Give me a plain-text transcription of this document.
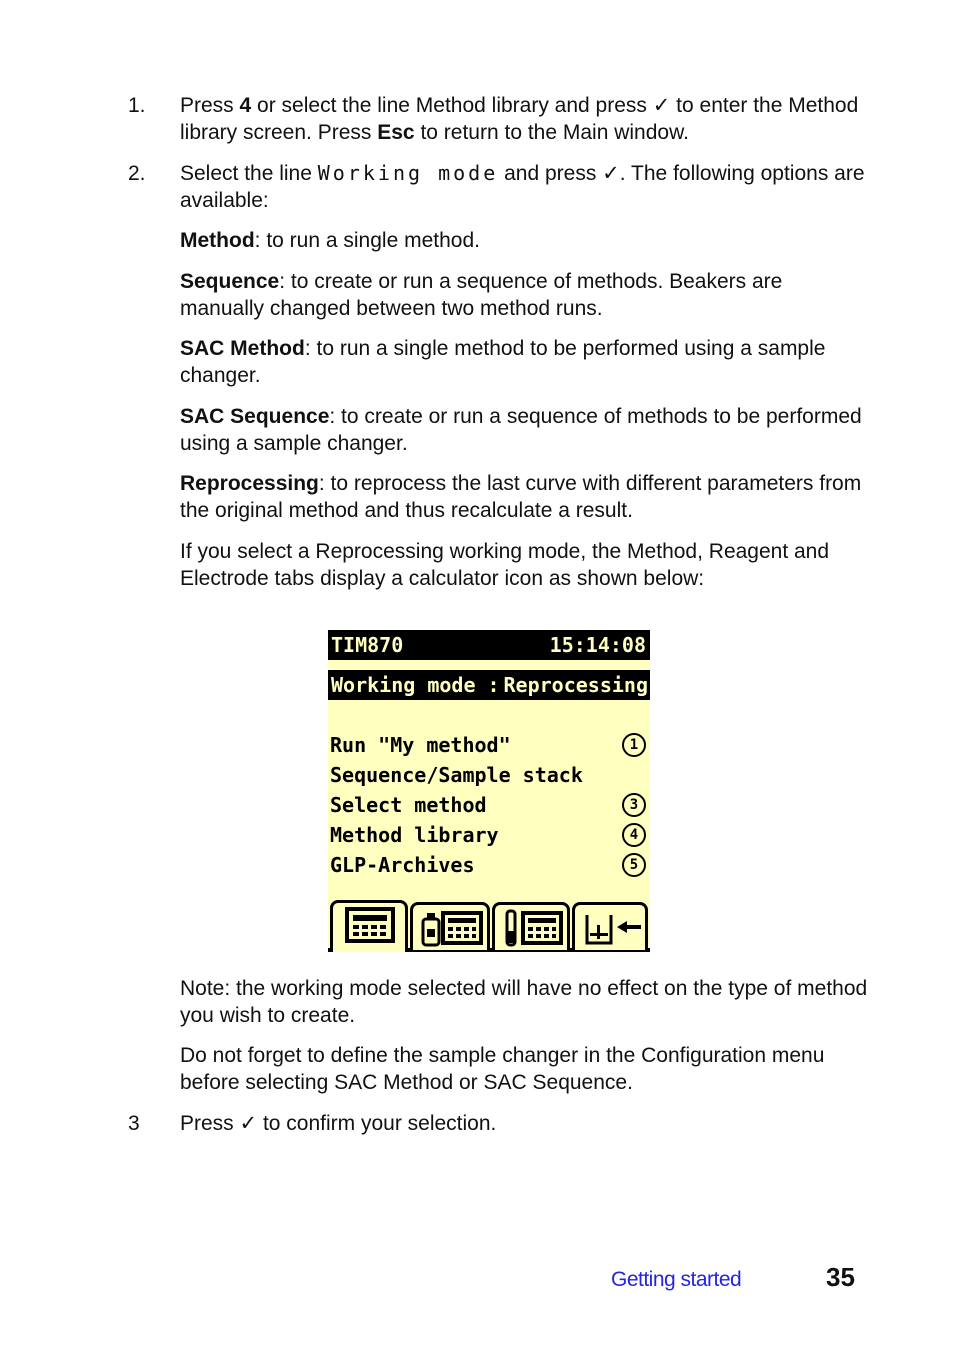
1. Press 4 or select the line Method library and press ✓ to enter the Method library screen. Press Esc to return to the Main window.
2. Select the line Working mode and press ✓. The following options are available:
Method: to run a single method.
Sequence: to create or run a sequence of methods. Beakers are manually changed between two method runs.
SAC Method: to run a single method to be performed using a sample changer.
SAC Sequence: to create or run a sequence of methods to be performed using a sample changer.
Reprocessing: to reprocess the last curve with different parameters from the original method and thus recalculate a result.
If you select a Reprocessing working mode, the Method, Reagent and Electrode tabs display a calculator icon as shown below:
TIM870	15:14:08
Working mode : Reprocessing
Run "My method"	1
Sequence/Sample stack
Select method	3
Method library	4
GLP-Archives	5
Note: the working mode selected will have no effect on the type of method you wish to create.
Do not forget to define the sample changer in the Configuration menu before selecting SAC Method or SAC Sequence.
3 Press ✓ to confirm your selection.
Getting started	35
